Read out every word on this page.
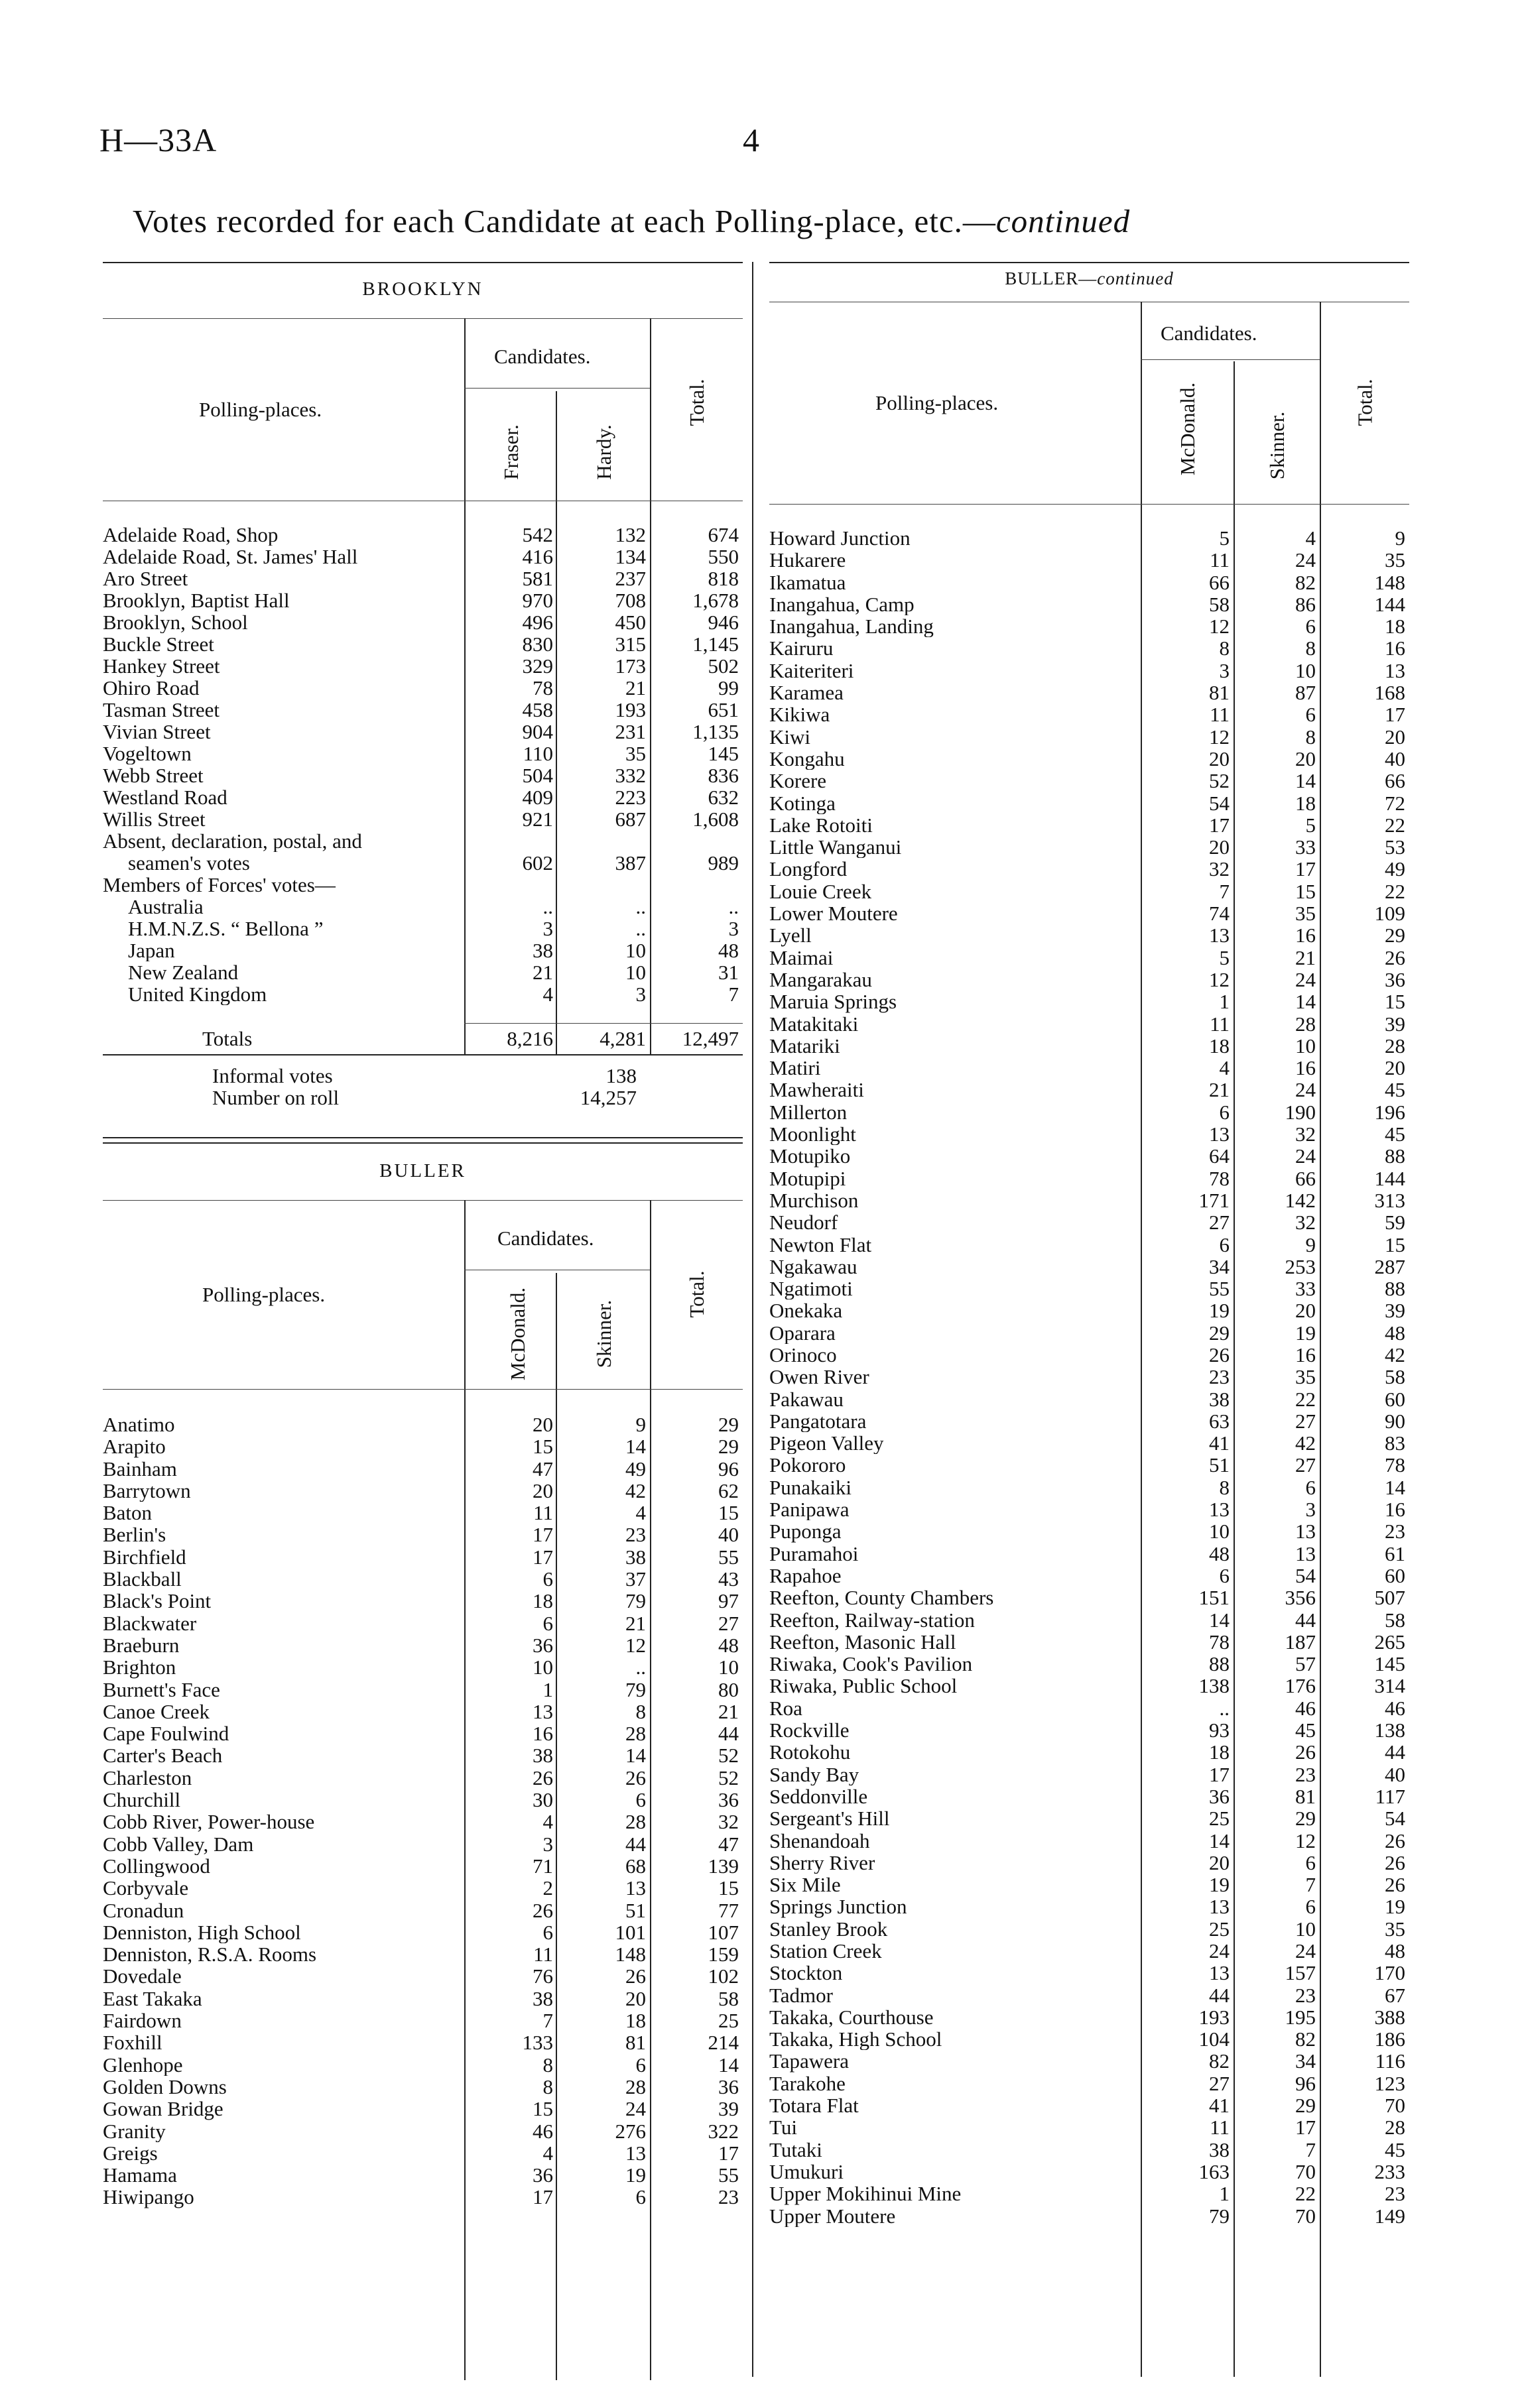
H—33A	4
Votes recorded for each Candidate at each Polling-place, etc.—continued
BROOKLYN
Polling-places.
Candidates.
Fraser.	Hardy.
Total.
Adelaide Road, Shop	542	132	674
Adelaide Road, St. James' Hall	416	134	550
Aro Street	581	237	818
Brooklyn, Baptist Hall	970	708	1,678
Brooklyn, School	496	450	946
Buckle Street	830	315	1,145
Hankey Street	329	173	502
Ohiro Road	78	21	99
Tasman Street	458	193	651
Vivian Street	904	231	1,135
Vogeltown	110	35	145
Webb Street	504	332	836
Westland Road	409	223	632
Willis Street	921	687	1,608
Absent, declaration, postal, and			
seamen's votes	602	387	989
Members of Forces' votes—			
Australia	..	..	..
H.M.N.Z.S. “ Bellona ”	3	..	3
Japan	38	10	48
New Zealand	21	10	31
United Kingdom	4	3	7
Totals	8,216	4,281	12,497
Informal votes	138
Number on roll	14,257
BULLER
Polling-places.
Candidates.
McDonald.	Skinner.
Total.
Anatimo	20	9	29
Arapito	15	14	29
Bainham	47	49	96
Barrytown	20	42	62
Baton	11	4	15
Berlin's	17	23	40
Birchfield	17	38	55
Blackball	6	37	43
Black's Point	18	79	97
Blackwater	6	21	27
Braeburn	36	12	48
Brighton	10	..	10
Burnett's Face	1	79	80
Canoe Creek	13	8	21
Cape Foulwind	16	28	44
Carter's Beach	38	14	52
Charleston	26	26	52
Churchill	30	6	36
Cobb River, Power-house	4	28	32
Cobb Valley, Dam	3	44	47
Collingwood	71	68	139
Corbyvale	2	13	15
Cronadun	26	51	77
Denniston, High School	6	101	107
Denniston, R.S.A. Rooms	11	148	159
Dovedale	76	26	102
East Takaka	38	20	58
Fairdown	7	18	25
Foxhill	133	81	214
Glenhope	8	6	14
Golden Downs	8	28	36
Gowan Bridge	15	24	39
Granity	46	276	322
Greigs	4	13	17
Hamama	36	19	55
Hiwipango	17	6	23
BULLER—continued
Polling-places.
Candidates.
McDonald.	Skinner.
Total.
Howard Junction	5	4	9
Hukarere	11	24	35
Ikamatua	66	82	148
Inangahua, Camp	58	86	144
Inangahua, Landing	12	6	18
Kairuru	8	8	16
Kaiteriteri	3	10	13
Karamea	81	87	168
Kikiwa	11	6	17
Kiwi	12	8	20
Kongahu	20	20	40
Korere	52	14	66
Kotinga	54	18	72
Lake Rotoiti	17	5	22
Little Wanganui	20	33	53
Longford	32	17	49
Louie Creek	7	15	22
Lower Moutere	74	35	109
Lyell	13	16	29
Maimai	5	21	26
Mangarakau	12	24	36
Maruia Springs	1	14	15
Matakitaki	11	28	39
Matariki	18	10	28
Matiri	4	16	20
Mawheraiti	21	24	45
Millerton	6	190	196
Moonlight	13	32	45
Motupiko	64	24	88
Motupipi	78	66	144
Murchison	171	142	313
Neudorf	27	32	59
Newton Flat	6	9	15
Ngakawau	34	253	287
Ngatimoti	55	33	88
Onekaka	19	20	39
Oparara	29	19	48
Orinoco	26	16	42
Owen River	23	35	58
Pakawau	38	22	60
Pangatotara	63	27	90
Pigeon Valley	41	42	83
Pokororo	51	27	78
Punakaiki	8	6	14
Panipawa	13	3	16
Puponga	10	13	23
Puramahoi	48	13	61
Rapahoe	6	54	60
Reefton, County Chambers	151	356	507
Reefton, Railway-station	14	44	58
Reefton, Masonic Hall	78	187	265
Riwaka, Cook's Pavilion	88	57	145
Riwaka, Public School	138	176	314
Roa	..	46	46
Rockville	93	45	138
Rotokohu	18	26	44
Sandy Bay	17	23	40
Seddonville	36	81	117
Sergeant's Hill	25	29	54
Shenandoah	14	12	26
Sherry River	20	6	26
Six Mile	19	7	26
Springs Junction	13	6	19
Stanley Brook	25	10	35
Station Creek	24	24	48
Stockton	13	157	170
Tadmor	44	23	67
Takaka, Courthouse	193	195	388
Takaka, High School	104	82	186
Tapawera	82	34	116
Tarakohe	27	96	123
Totara Flat	41	29	70
Tui	11	17	28
Tutaki	38	7	45
Umukuri	163	70	233
Upper Mokihinui Mine	1	22	23
Upper Moutere	79	70	149
